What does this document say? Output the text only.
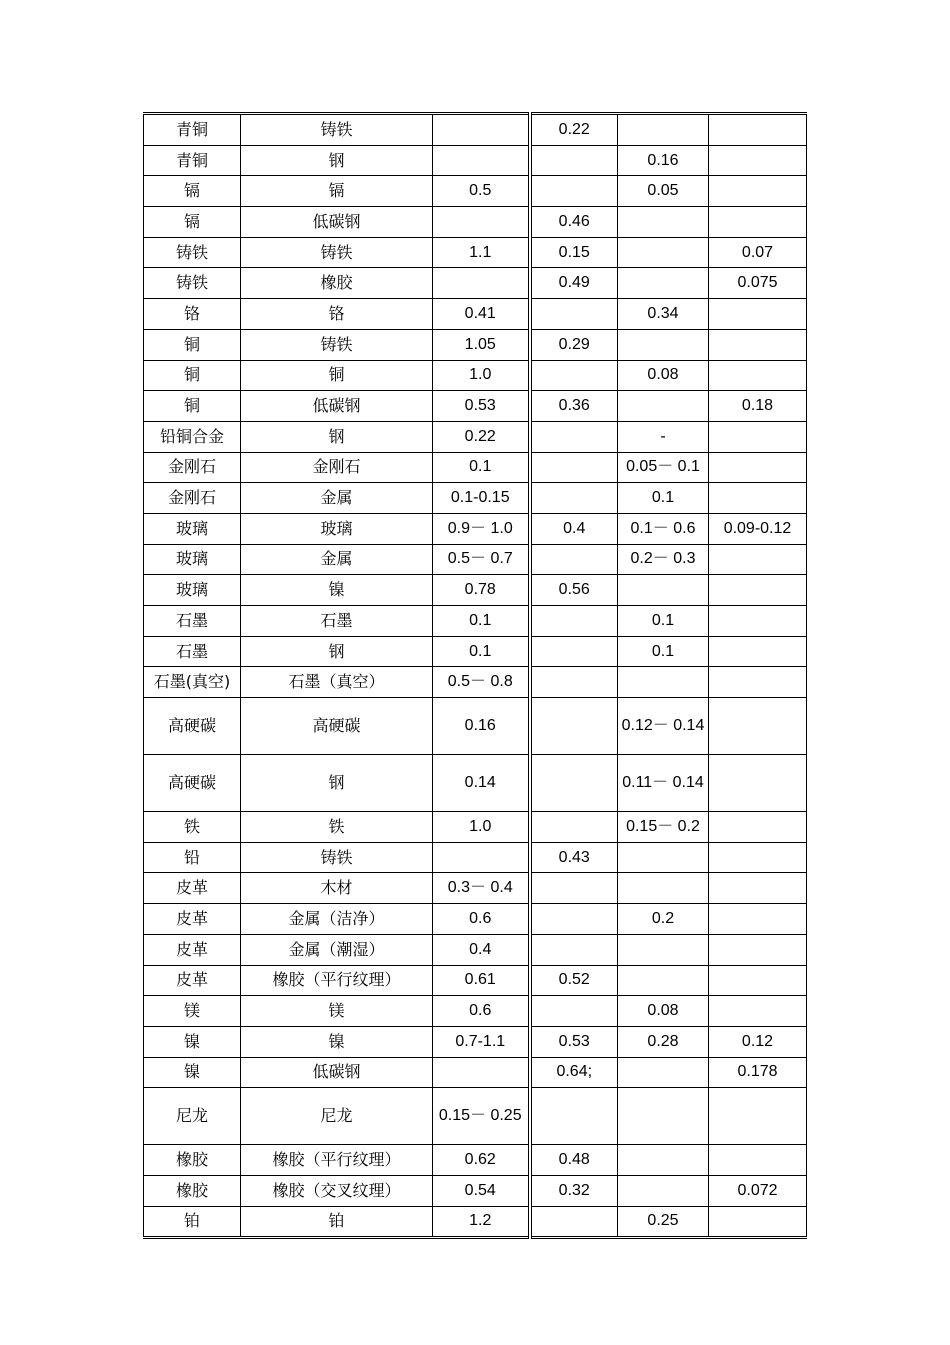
青铜	铸铁		0.22		
青铜	钢			0.16	
镉	镉	0.5		0.05	
镉	低碳钢		0.46		
铸铁	铸铁	1.1	0.15		0.07
铸铁	橡胶		0.49		0.075
铬	铬	0.41		0.34	
铜	铸铁	1.05	0.29		
铜	铜	1.0		0.08	
铜	低碳钢	0.53	0.36		0.18
铅铜合金	钢	0.22		-	
金刚石	金刚石	0.1		0.05－ 0.1	
金刚石	金属	0.1-0.15		0.1	
玻璃	玻璃	0.9－ 1.0	0.4	0.1－ 0.6	0.09-0.12
玻璃	金属	0.5－ 0.7		0.2－ 0.3	
玻璃	镍	0.78	0.56		
石墨	石墨	0.1		0.1	
石墨	钢	0.1		0.1	
石墨(真空)	石墨（真空）	0.5－ 0.8			
高硬碳	高硬碳	0.16		0.12－ 0.14	
高硬碳	钢	0.14		0.11－ 0.14	
铁	铁	1.0		0.15－ 0.2	
铅	铸铁		0.43		
皮革	木材	0.3－ 0.4			
皮革	金属（洁净）	0.6		0.2	
皮革	金属（潮湿）	0.4			
皮革	橡胶（平行纹理）	0.61	0.52		
镁	镁	0.6		0.08	
镍	镍	0.7-1.1	0.53	0.28	0.12
镍	低碳钢		0.64;		0.178
尼龙	尼龙	0.15－ 0.25			
橡胶	橡胶（平行纹理）	0.62	0.48		
橡胶	橡胶（交叉纹理）	0.54	0.32		0.072
铂	铂	1.2		0.25	
